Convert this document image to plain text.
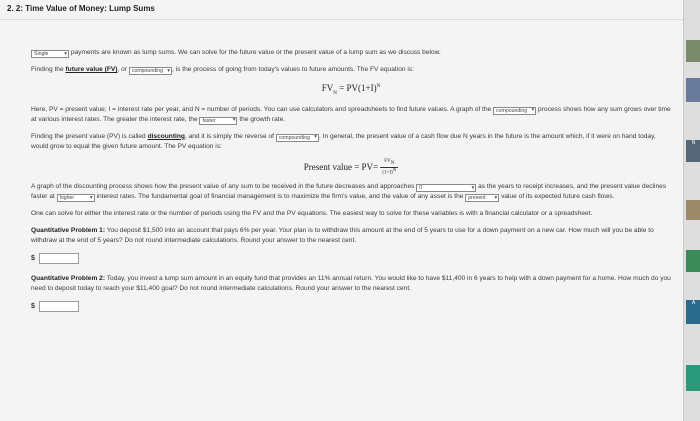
2. 2: Time Value of Money: Lump Sums
Single	▾ payments are known as lump sums. We can solve for the future value or the present value of a lump sum as we discuss below.
Finding the future value (FV), or compounding ▾ , is the process of going from today's values to future amounts. The FV equation is:
$FV_N = PV(1+I)^N$
Here, PV = present value; I = interest rate per year, and N = number of periods. You can use calculators and spreadsheets to find future values. A graph of the compounding ▾ process shows how any sum grows over time at various interest rates. The greater the interest rate, the faster	▾ the growth rate.
Finding the present value (PV) is called discounting, and it is simply the reverse of compounding ▾ . In general, the present value of a cash flow due N years in the future is the amount which, if it were on hand today, would grow to equal the given future amount. The PV equation is:
Present value = $PV= \frac{FV_N}{(1+I)^N}$
A graph of the discounting process shows how the present value of any sum to be received in the future decreases and approaches 0	▾ as the years to receipt increases, and the present value declines faster at higher	▾ interest rates. The fundamental goal of financial management is to maximize the firm's value, and the value of any asset is the present ▾ value of its expected future cash flows.
One can solve for either the interest rate or the number of periods using the FV and the PV equations. The easiest way to solve for these variables is with a financial calculator or a spreadsheet.
Quantitative Problem 1: You deposit $1,500 into an account that pays 6% per year. Your plan is to withdraw this amount at the end of 5 years to use for a down payment on a new car. How much will you be able to withdraw at the end of 5 years? Do not round intermediate calculations. Round your answer to the nearest cent.
$
Quantitative Problem 2: Today, you invest a lump sum amount in an equity fund that provides an 11% annual return. You would like to have $11,400 in 6 years to help with a down payment for a home. How much do you need to deposit today to reach your $11,400 goal? Do not round intermediate calculations. Round your answer to the nearest cent.
$
N
A
